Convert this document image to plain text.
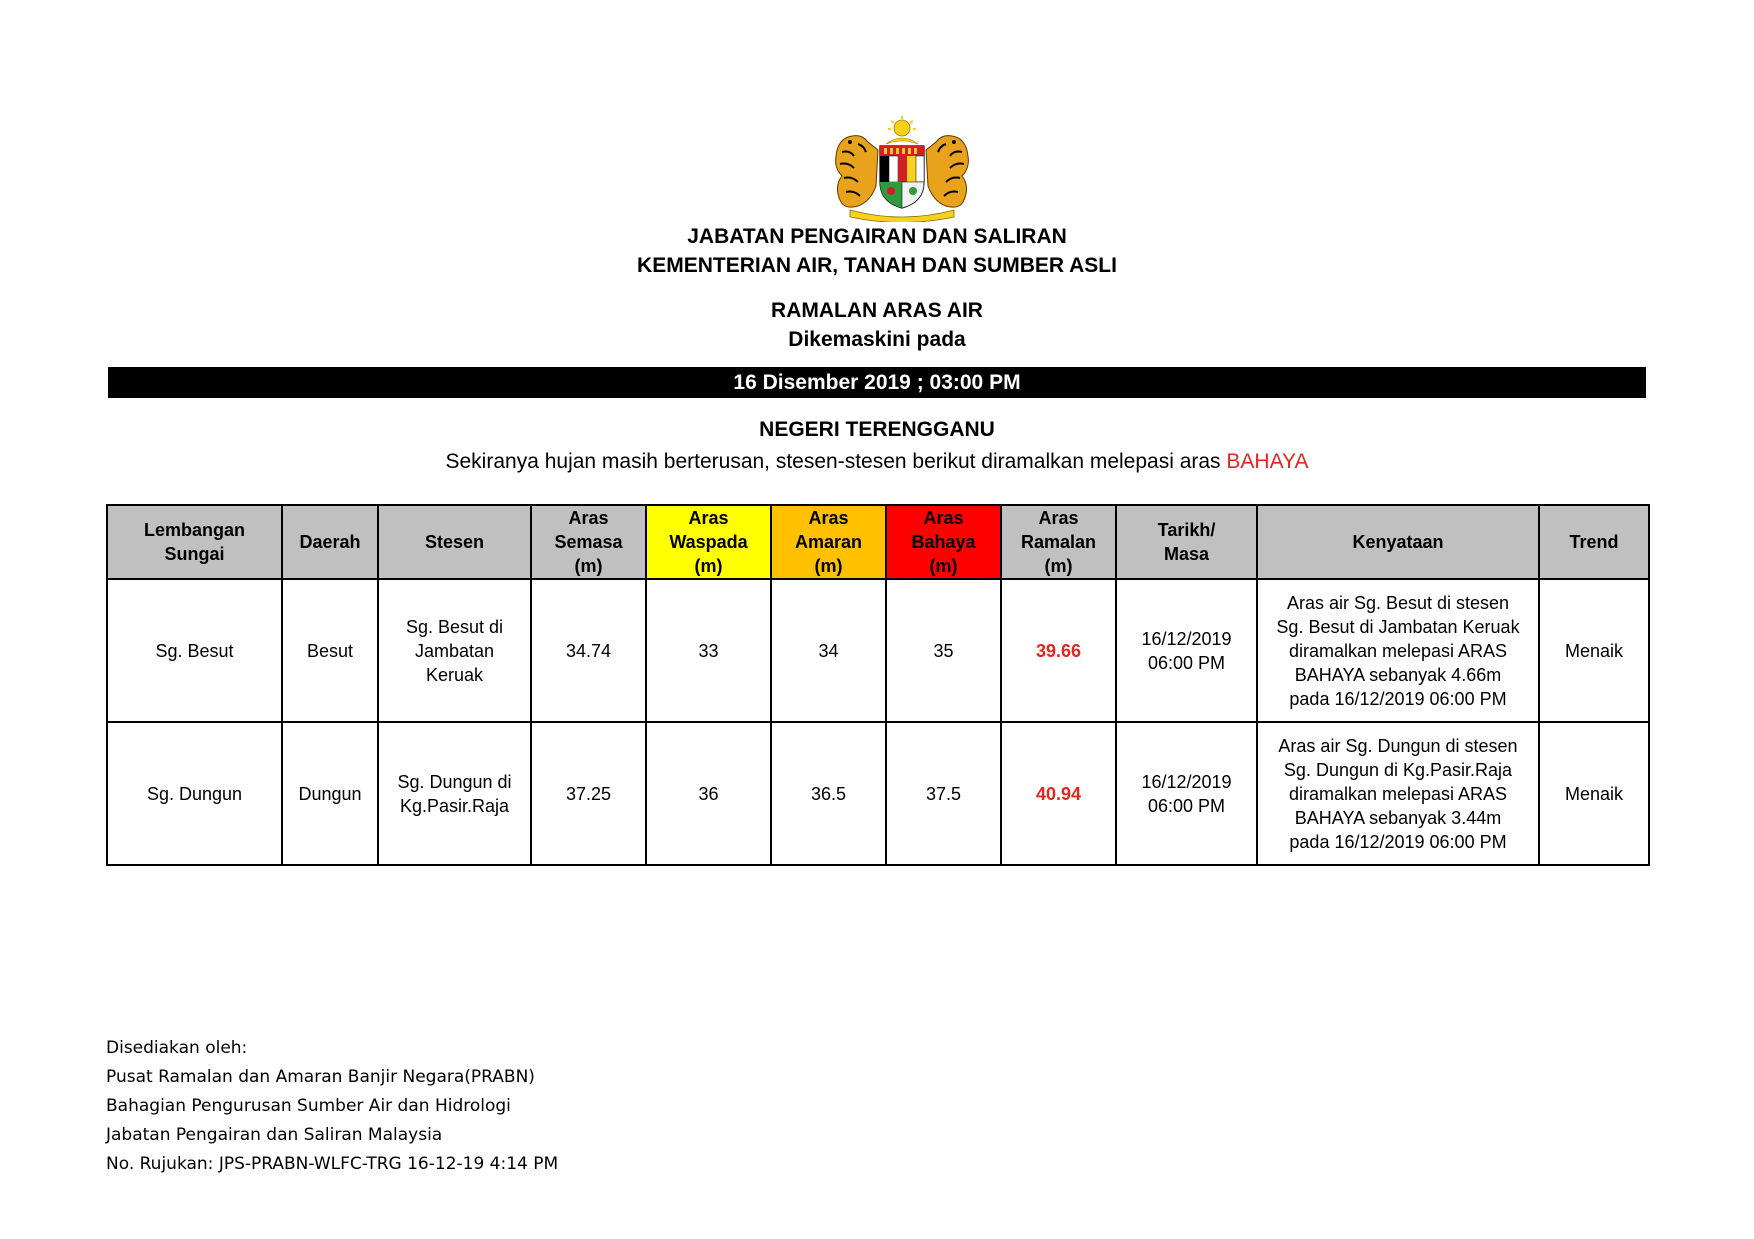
JABATAN PENGAIRAN DAN SALIRAN
KEMENTERIAN AIR, TANAH DAN SUMBER ASLI
RAMALAN ARAS AIR
Dikemaskini pada
16 Disember 2019 ; 03:00 PM
NEGERI TERENGGANU
Sekiranya hujan masih berterusan, stesen-stesen berikut diramalkan melepasi aras BAHAYA
Lembangan
Sungai	Daerah	Stesen	Aras
Semasa
(m)	Aras
Waspada
(m)	Aras
Amaran
(m)	Aras
Bahaya
(m)	Aras
Ramalan
(m)	Tarikh/
Masa	Kenyataan	Trend
Sg. Besut	Besut	Sg. Besut di
Jambatan
Keruak	34.74	33	34	35	39.66	16/12/2019
06:00 PM	Aras air Sg. Besut di stesen
Sg. Besut di Jambatan Keruak
diramalkan melepasi ARAS
BAHAYA sebanyak 4.66m
pada 16/12/2019 06:00 PM	Menaik
Sg. Dungun	Dungun	Sg. Dungun di
Kg.Pasir.Raja	37.25	36	36.5	37.5	40.94	16/12/2019
06:00 PM	Aras air Sg. Dungun di stesen
Sg. Dungun di Kg.Pasir.Raja
diramalkan melepasi ARAS
BAHAYA sebanyak 3.44m
pada 16/12/2019 06:00 PM	Menaik
Disediakan oleh:
Pusat Ramalan dan Amaran Banjir Negara(PRABN)
Bahagian Pengurusan Sumber Air dan Hidrologi
Jabatan Pengairan dan Saliran Malaysia
No. Rujukan: JPS-PRABN-WLFC-TRG 16-12-19 4:14 PM
